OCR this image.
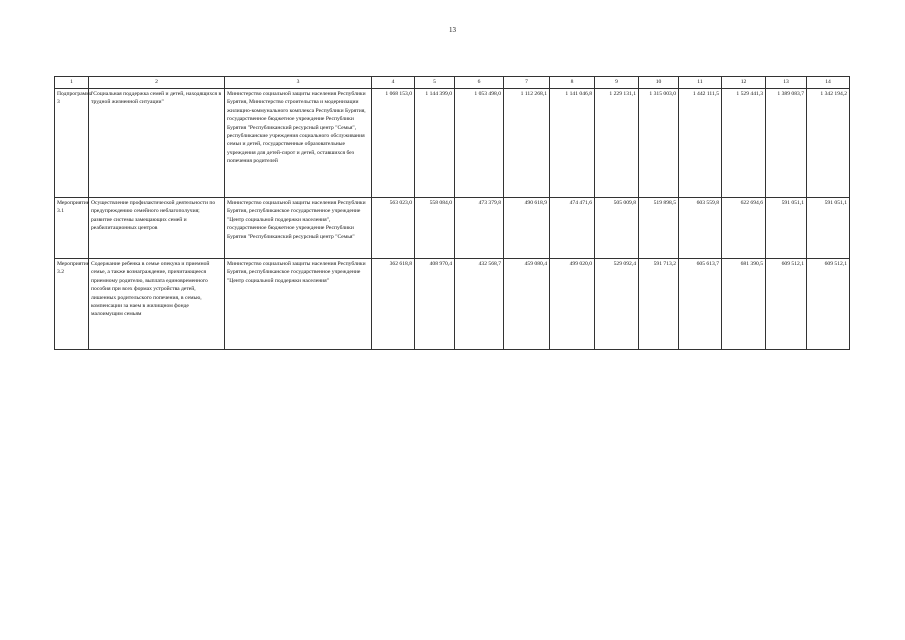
13
1	2	3	4	5	6	7	8	9	10	11	12	13	14
Подпрограмма 3	"Социальная поддержка семей и детей, находящихся в трудной жизненной ситуации"	Министерство социальной защиты населения Республики Бурятия, Министерство строительства и модернизации жилищно-коммунального комплекса Республики Бурятия, государственное бюджетное учреждение Республики Бурятия "Республиканский ресурсный центр "Семья", республиканские учреждения социального обслуживания семьи и детей, государственные образовательные учреждения для детей-сирот и детей, оставшихся без попечения родителей	1 068 153,0	1 144 399,0	1 053 498,0	1 112 268,1	1 141 046,8	1 229 131,1	1 315 003,0	1 442 111,5	1 529 441,3	1 389 083,7	1 342 194,2
Мероприятие 3.1	Осуществление профилактической деятельности по предупреждению семейного неблагополучия; развитие системы замещающих семей и реабилитационных центров	Министерство социальной защиты населения Республики Бурятия, республиканское государственное учреждение "Центр социальной поддержки населения", государственное бюджетное учреждение Республики Бурятия "Республиканский ресурсный центр "Семья"	563 023,0	558 084,0	473 379,8	490 618,9	474 471,6	505 009,8	519 898,5	603 559,8	622 694,6	591 051,1	591 051,1
Мероприятие 3.2	Содержание ребенка в семье опекуна и приемной семье, а также вознаграждение, причитающееся приемному родителю, выплата единовременного пособия при всех формах устройства детей, лишенных родительского попечения, в семью, компенсации за наем в жилищном фонде малоимущим семьям	Министерство социальной защиты населения Республики Бурятия, республиканское государственное учреждение "Центр социальной поддержки населения"	362 618,8	408 970,4	432 568,7	459 080,4	499 020,0	529 092,4	591 713,2	605 613,7	681 390,5	609 512,1	609 512,1
